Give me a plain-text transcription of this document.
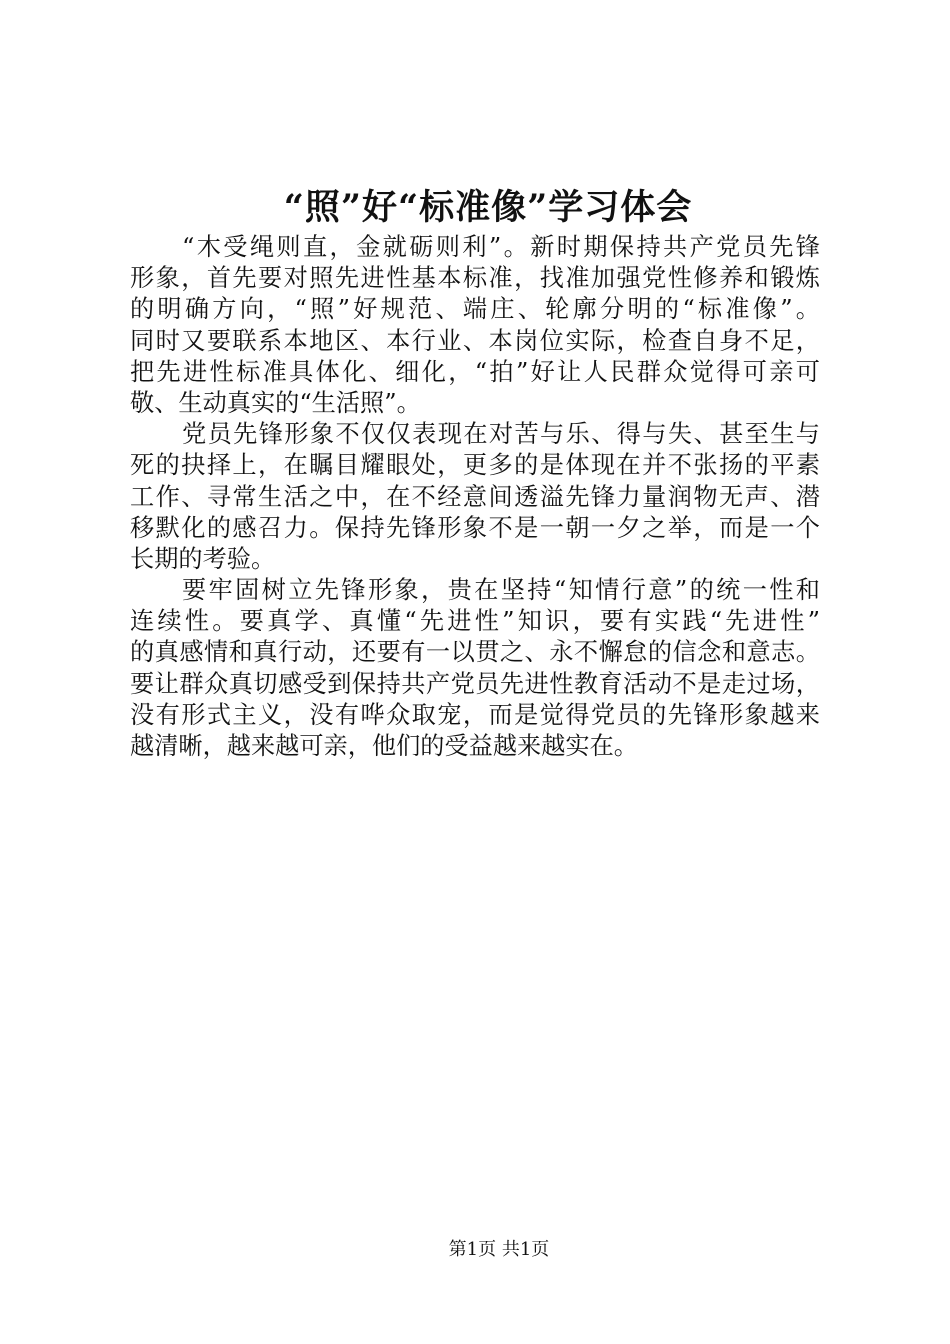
“照”好“标准像”学习体会
“木受绳则直，金就砺则利”。新时期保持共产党员先锋
形象，首先要对照先进性基本标准，找准加强党性修养和锻炼
的明确方向，“照”好规范、端庄、轮廓分明的“标准像”。
同时又要联系本地区、本行业、本岗位实际，检查自身不足，
把先进性标准具体化、细化，“拍”好让人民群众觉得可亲可
敬、生动真实的“生活照”。
党员先锋形象不仅仅表现在对苦与乐、得与失、甚至生与
死的抉择上，在瞩目耀眼处，更多的是体现在并不张扬的平素
工作、寻常生活之中，在不经意间透溢先锋力量润物无声、潜
移默化的感召力。保持先锋形象不是一朝一夕之举，而是一个
长期的考验。
要牢固树立先锋形象，贵在坚持“知情行意”的统一性和
连续性。要真学、真懂“先进性”知识，要有实践“先进性”
的真感情和真行动，还要有一以贯之、永不懈怠的信念和意志。
要让群众真切感受到保持共产党员先进性教育活动不是走过场，
没有形式主义，没有哗众取宠，而是觉得党员的先锋形象越来
越清晰，越来越可亲，他们的受益越来越实在。
第1页 共1页
